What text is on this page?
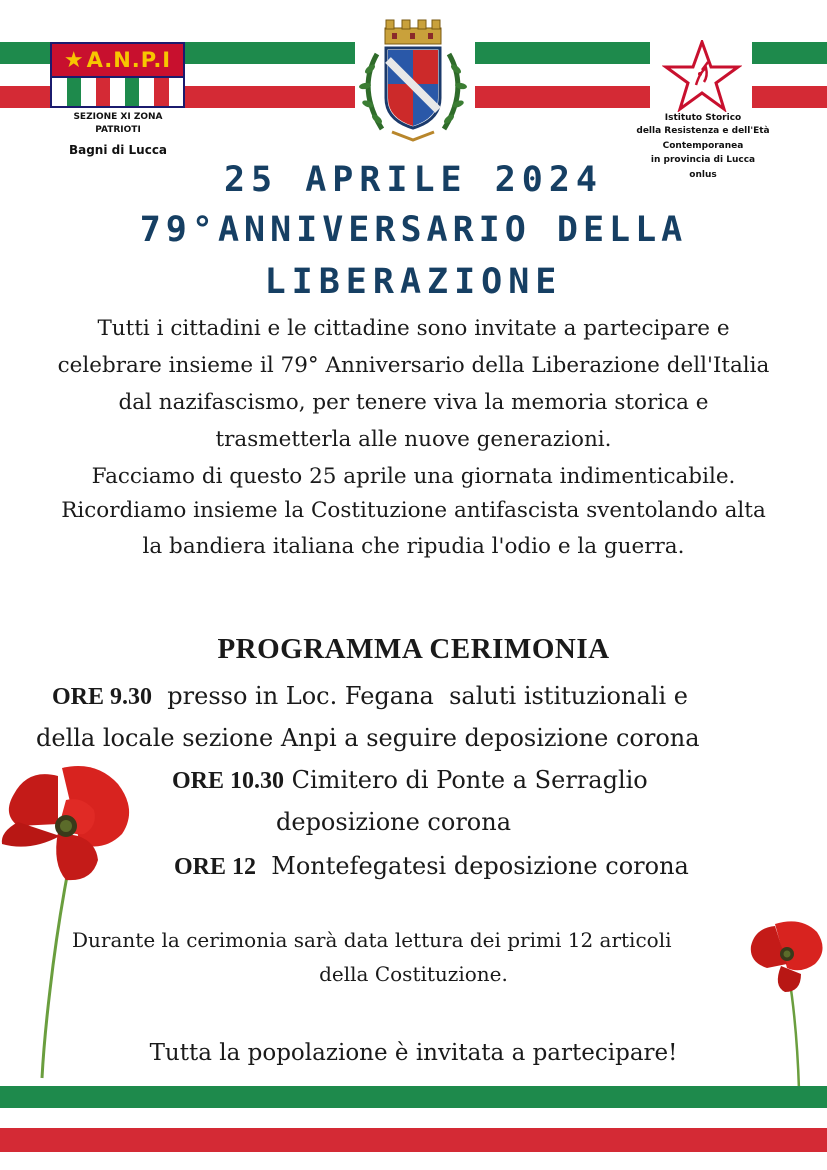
★ A.N.P.I
SEZIONE XI ZONA
PATRIOTI
Bagni di Lucca
Istituto Storico
della Resistenza e dell'Età
Contemporanea
in provincia di Lucca
onlus
25 APRILE 2024
79°ANNIVERSARIO DELLA
LIBERAZIONE
Tutti i cittadini e le cittadine sono invitate a partecipare e
celebrare insieme il 79° Anniversario della Liberazione dell'Italia
dal nazifascismo, per tenere viva la memoria storica e
trasmetterla alle nuove generazioni.
Facciamo di questo 25 aprile una giornata indimenticabile.
Ricordiamo insieme la Costituzione antifascista sventolando alta
la bandiera italiana che ripudia l'odio e la guerra.
PROGRAMMA CERIMONIA
ORE 9.30  presso in Loc. Fegana  saluti istituzionali e
della locale sezione Anpi a seguire deposizione corona
ORE 10.30 Cimitero di Ponte a Serraglio
deposizione corona
ORE 12  Montefegatesi deposizione corona
Durante la cerimonia sarà data lettura dei primi 12 articoli
della Costituzione.
Tutta la popolazione è invitata a partecipare!
